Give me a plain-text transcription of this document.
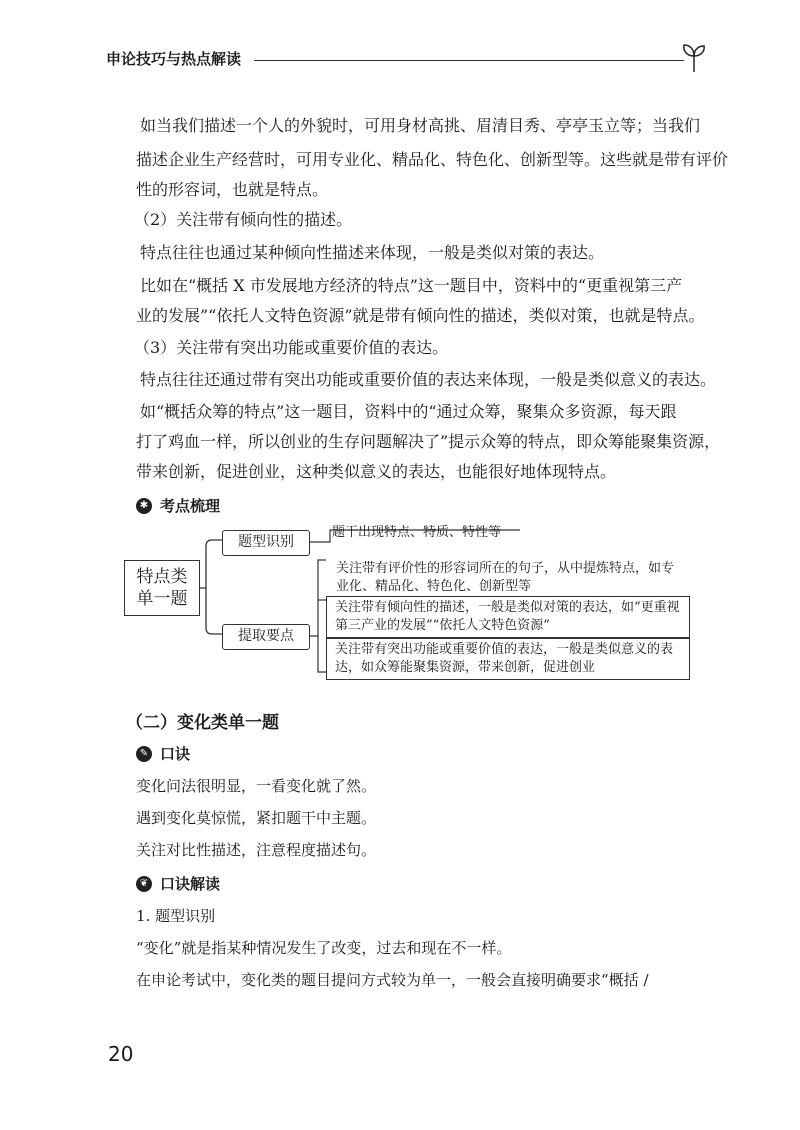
申论技巧与热点解读
如当我们描述一个人的外貌时，可用身材高挑、眉清目秀、亭亭玉立等；当我们
描述企业生产经营时，可用专业化、精品化、特色化、创新型等。这些就是带有评价
性的形容词，也就是特点。
（2）关注带有倾向性的描述。
特点往往也通过某种倾向性描述来体现，一般是类似对策的表达。
比如在“概括 X 市发展地方经济的特点”这一题目中，资料中的“更重视第三产
业的发展”“依托人文特色资源”就是带有倾向性的描述，类似对策，也就是特点。
（3）关注带有突出功能或重要价值的表达。
特点往往还通过带有突出功能或重要价值的表达来体现，一般是类似意义的表达。
如“概括众筹的特点”这一题目，资料中的“通过众筹，聚集众多资源，每天跟
打了鸡血一样，所以创业的生存问题解决了”提示众筹的特点，即众筹能聚集资源，
带来创新，促进创业，这种类似意义的表达，也能很好地体现特点。
✱ 考点梳理
特点类
单一题
题型识别
题干出现特点、特质、特性等
提取要点
关注带有评价性的形容词所在的句子，从中提炼特点，如专业化、精品化、特色化、创新型等
关注带有倾向性的描述，一般是类似对策的表达，如“更重视第三产业的发展”“依托人文特色资源”
关注带有突出功能或重要价值的表达，一般是类似意义的表达，如众筹能聚集资源，带来创新，促进创业
（二）变化类单一题
✎ 口诀
变化问法很明显，一看变化就了然。
遇到变化莫惊慌，紧扣题干中主题。
关注对比性描述，注意程度描述句。
❦ 口诀解读
1. 题型识别
“变化”就是指某种情况发生了改变，过去和现在不一样。
在申论考试中，变化类的题目提问方式较为单一，一般会直接明确要求“概括 /
20
